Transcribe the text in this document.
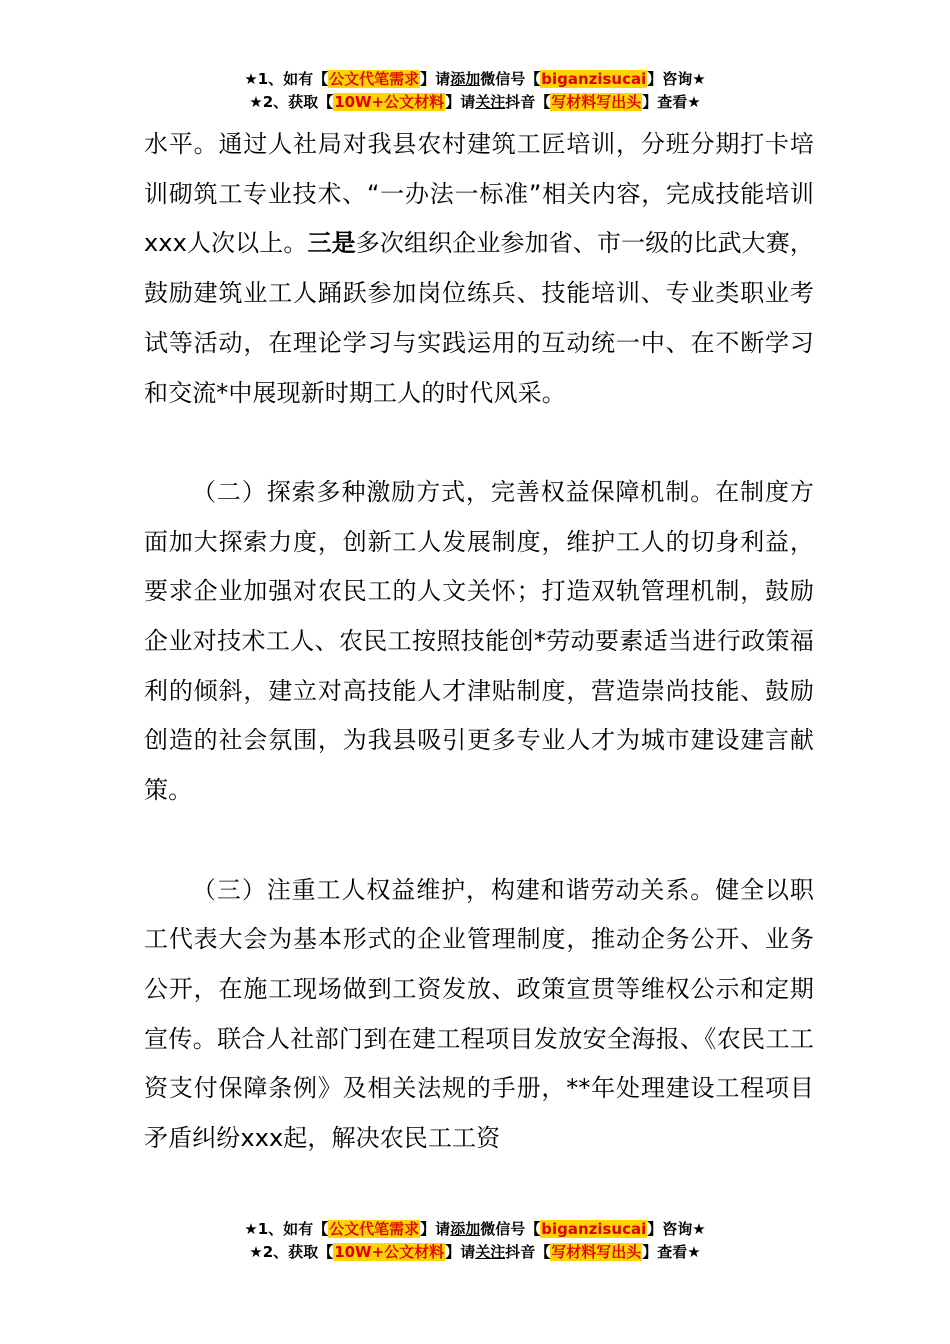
★1、如有【公文代笔需求】请添加微信号【biganzisucai】咨询★
★2、获取【10W+公文材料】请关注抖音【写材料写出头】查看★

水平。通过人社局对我县农村建筑工匠培训，分班分期打卡培训砌筑工专业技术、“一办法一标准”相关内容，完成技能培训xxx人次以上。三是多次组织企业参加省、市一级的比武大赛，鼓励建筑业工人踊跃参加岗位练兵、技能培训、专业类职业考试等活动，在理论学习与实践运用的互动统一中、在不断学习和交流*中展现新时期工人的时代风采。

（二）探索多种激励方式，完善权益保障机制。在制度方面加大探索力度，创新工人发展制度，维护工人的切身利益，要求企业加强对农民工的人文关怀；打造双轨管理机制，鼓励企业对技术工人、农民工按照技能创*劳动要素适当进行政策福利的倾斜，建立对高技能人才津贴制度，营造崇尚技能、鼓励创造的社会氛围，为我县吸引更多专业人才为城市建设建言献策。

（三）注重工人权益维护，构建和谐劳动关系。健全以职工代表大会为基本形式的企业管理制度，推动企务公开、业务公开，在施工现场做到工资发放、政策宣贯等维权公示和定期宣传。联合人社部门到在建工程项目发放安全海报、《农民工工资支付保障条例》及相关法规的手册，**年处理建设工程项目矛盾纠纷xxx起，解决农民工工资

★1、如有【公文代笔需求】请添加微信号【biganzisucai】咨询★
★2、获取【10W+公文材料】请关注抖音【写材料写出头】查看★
